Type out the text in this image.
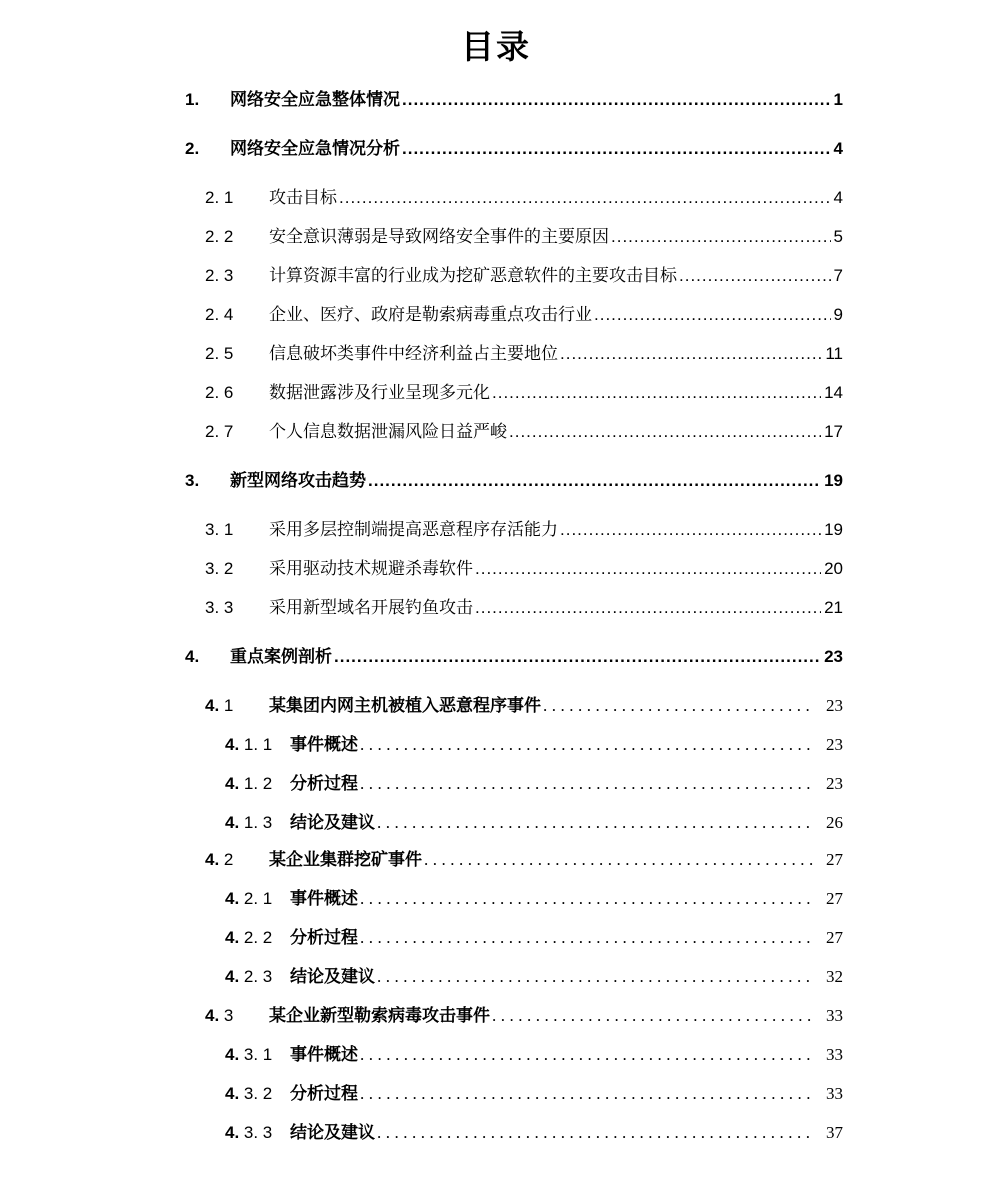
目录
1.	网络安全应急整体情况 .....	1
2.	网络安全应急情况分析 .....	4
2. 1	攻击目标 .....	4
2. 2	安全意识薄弱是导致网络安全事件的主要原因 .....	5
2. 3	计算资源丰富的行业成为挖矿恶意软件的主要攻击目标 .....	7
2. 4	企业、医疗、政府是勒索病毒重点攻击行业 .....	9
2. 5	信息破坏类事件中经济利益占主要地位 .....	11
2. 6	数据泄露涉及行业呈现多元化 .....	14
2. 7	个人信息数据泄漏风险日益严峻 .....	17
3.	新型网络攻击趋势 .....	19
3. 1	采用多层控制端提高恶意程序存活能力 .....	19
3. 2	采用驱动技术规避杀毒软件 .....	20
3. 3	采用新型域名开展钓鱼攻击 .....	21
4.	重点案例剖析 .....	23
4. 1	某集团内网主机被植入恶意程序事件 .....	23
4. 1. 1	事件概述 .....	23
4. 1. 2	分析过程 .....	23
4. 1. 3	结论及建议 .....	26
4. 2	某企业集群挖矿事件 .....	27
4. 2. 1	事件概述 .....	27
4. 2. 2	分析过程 .....	27
4. 2. 3	结论及建议 .....	32
4. 3	某企业新型勒索病毒攻击事件 .....	33
4. 3. 1	事件概述 .....	33
4. 3. 2	分析过程 .....	33
4. 3. 3	结论及建议 .....	37
